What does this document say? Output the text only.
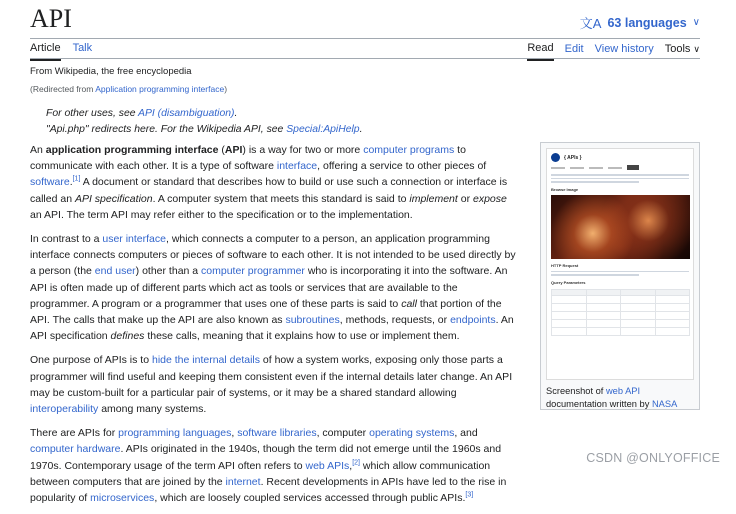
API	文A 63 languages ∨
Article Talk	Read Edit View history Tools ∨
From Wikipedia, the free encyclopedia
(Redirected from Application programming interface)
For other uses, see API (disambiguation).
"Api.php" redirects here. For the Wikipedia API, see Special:ApiHelp.

An application programming interface (API) is a way for two or more computer programs to communicate with each other. It is a type of software interface, offering a service to other pieces of software.[1] A document or standard that describes how to build or use such a connection or interface is called an API specification. A computer system that meets this standard is said to implement or expose an API. The term API may refer either to the specification or to the implementation.

In contrast to a user interface, which connects a computer to a person, an application programming interface connects computers or pieces of software to each other. It is not intended to be used directly by a person (the end user) other than a computer programmer who is incorporating it into the software. An API is often made up of different parts which act as tools or services that are available to the programmer. A program or a programmer that uses one of these parts is said to call that portion of the API. The calls that make up the API are also known as subroutines, methods, requests, or endpoints. An API specification defines these calls, meaning that it explains how to use or implement them.

One purpose of APIs is to hide the internal details of how a system works, exposing only those parts a programmer will find useful and keeping them consistent even if the internal details later change. An API may be custom-built for a particular pair of systems, or it may be a shared standard allowing interoperability among many systems.

There are APIs for programming languages, software libraries, computer operating systems, and computer hardware. APIs originated in the 1940s, though the term did not emerge until the 1960s and 1970s. Contemporary usage of the term API often refers to web APIs,[2] which allow communication between computers that are joined by the internet. Recent developments in APIs have led to the rise in popularity of microservices, which are loosely coupled services accessed through public APIs.[3]

{ APIs }
Browse Image
HTTP Request
Query Parameters

Screenshot of web API documentation written by NASA
CSDN @ONLYOFFICE
